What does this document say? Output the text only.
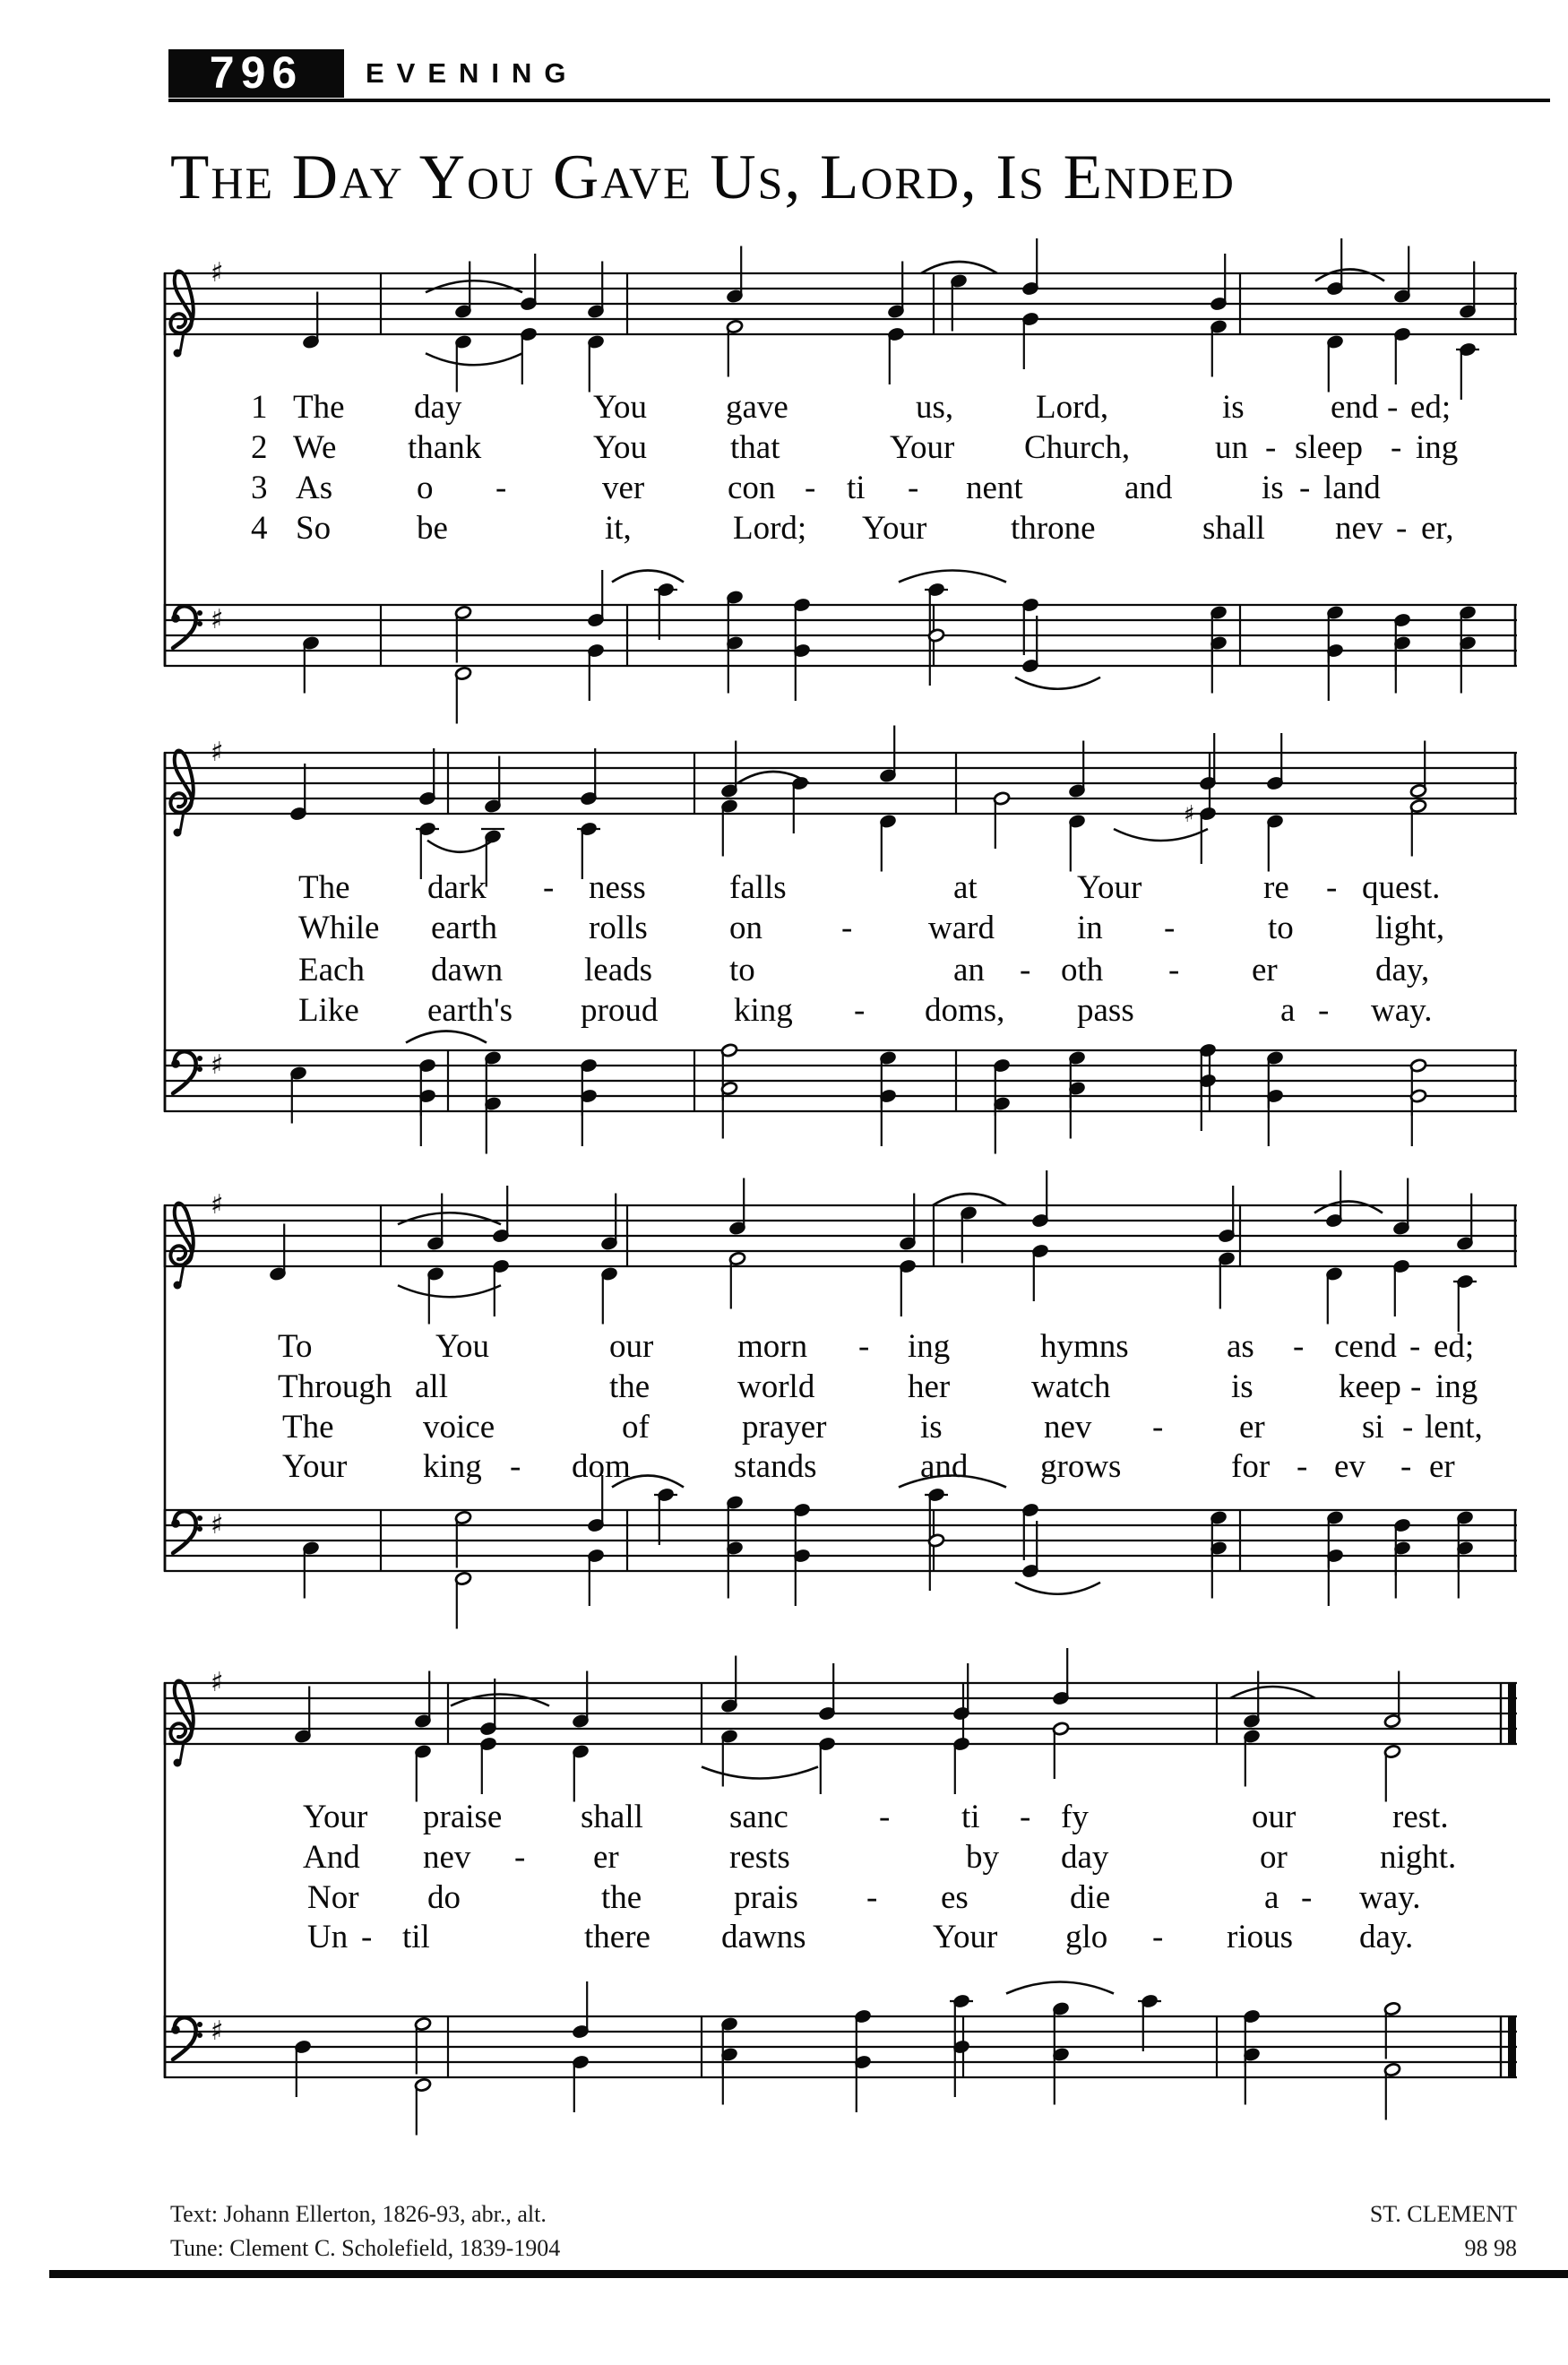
796 EVENING
The Day You Gave Us, Lord, Is Ended
♯
♯
♯
♯
♯
♯
♯
♯
♯
1 The day	You gave	us, Lord,	is	end - ed;
2 We thank	You	that	Your Church,	un - sleep - ing
3 As	o -	ver	con - ti - nent	and	is - land
4 So	be	it,	Lord; Your	throne	shall nev - er,
The dark - ness	falls	at	Your	re - quest.
While earth	rolls on - ward in -	to light,
Each dawn leads to	an - oth - er	day,
Like earth's proud king - doms, pass	a - way.
To	You	our	morn - ing	hymns	as - cend - ed;
Through all	the	world	her watch	is	keep - ing
The	voice	of	prayer	is	nev - er	si - lent,
Your king - dom	stands	and grows	for - ev - er
Your praise shall	sanc	- ti - fy	our	rest.
And nev - er	rests	by day	or	night.
Nor do	the	prais - es	die	a - way.
Un - til	there dawns	Your glo - rious day.
Text: Johann Ellerton, 1826-93, abr., alt.
Tune: Clement C. Scholefield, 1839-1904
ST. CLEMENT
98 98
